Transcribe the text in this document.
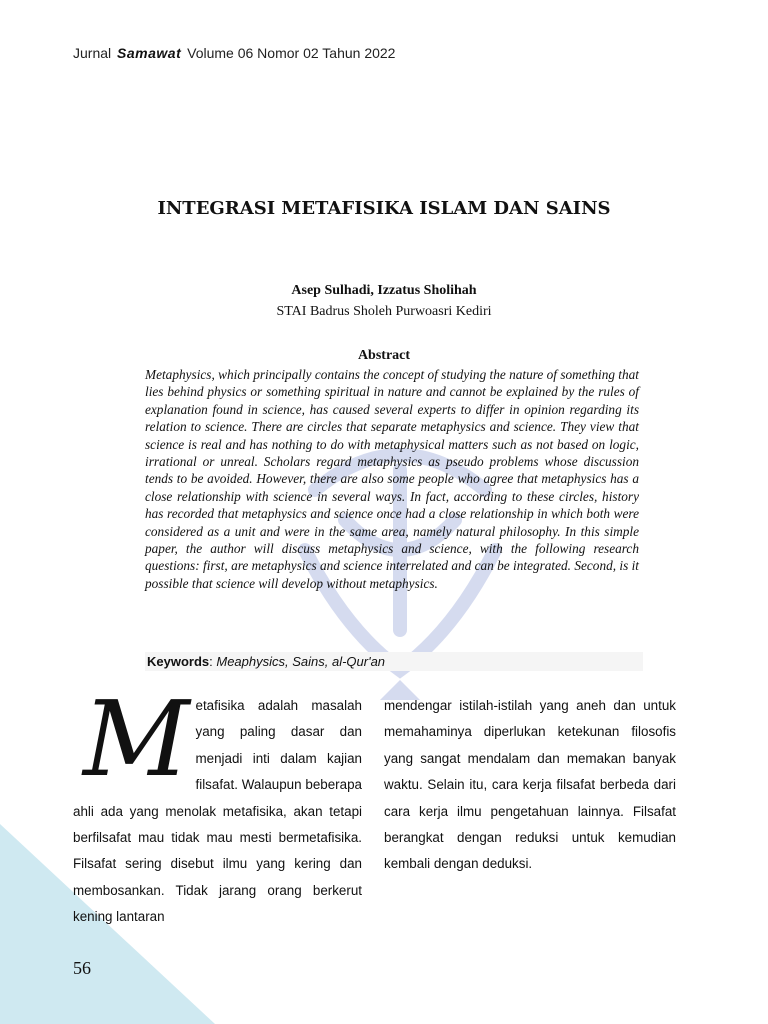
Jurnal Samawat Volume 06 Nomor 02 Tahun 2022
INTEGRASI METAFISIKA ISLAM DAN SAINS
Asep Sulhadi, Izzatus Sholihah
STAI Badrus Sholeh Purwoasri Kediri
Abstract

Metaphysics, which principally contains the concept of studying the nature of something that lies behind physics or something spiritual in nature and cannot be explained by the rules of explanation found in science, has caused several experts to differ in opinion regarding its relation to science. There are circles that separate metaphysics and science. They view that science is real and has nothing to do with metaphysical matters such as not based on logic, irrational or unreal. Scholars regard metaphysics as pseudo problems whose discussion tends to be avoided. However, there are also some people who agree that metaphysics has a close relationship with science in several ways. In fact, according to these circles, history has recorded that metaphysics and science once had a close relationship in which both were considered as a unit and were in the same area, namely natural philosophy. In this simple paper, the author will discuss metaphysics and science, with the following research questions: first, are metaphysics and science interrelated and can be integrated. Second, is it possible that science will develop without metaphysics.

Keywords: Meaphysics, Sains, al-Qur'an

Metafisika adalah masalah yang paling dasar dan menjadi inti dalam kajian filsafat. Walaupun beberapa ahli ada yang menolak metafisika, akan tetapi berfilsafat mau tidak mau mesti bermetafisika. Filsafat sering disebut ilmu yang kering dan membosankan. Tidak jarang orang berkerut kening lantaran

mendengar istilah-istilah yang aneh dan untuk memahaminya diperlukan ketekunan filosofis yang sangat mendalam dan memakan banyak waktu. Selain itu, cara kerja filsafat berbeda dari cara kerja ilmu pengetahuan lainnya. Filsafat berangkat dengan reduksi untuk kemudian kembali dengan deduksi.

56
